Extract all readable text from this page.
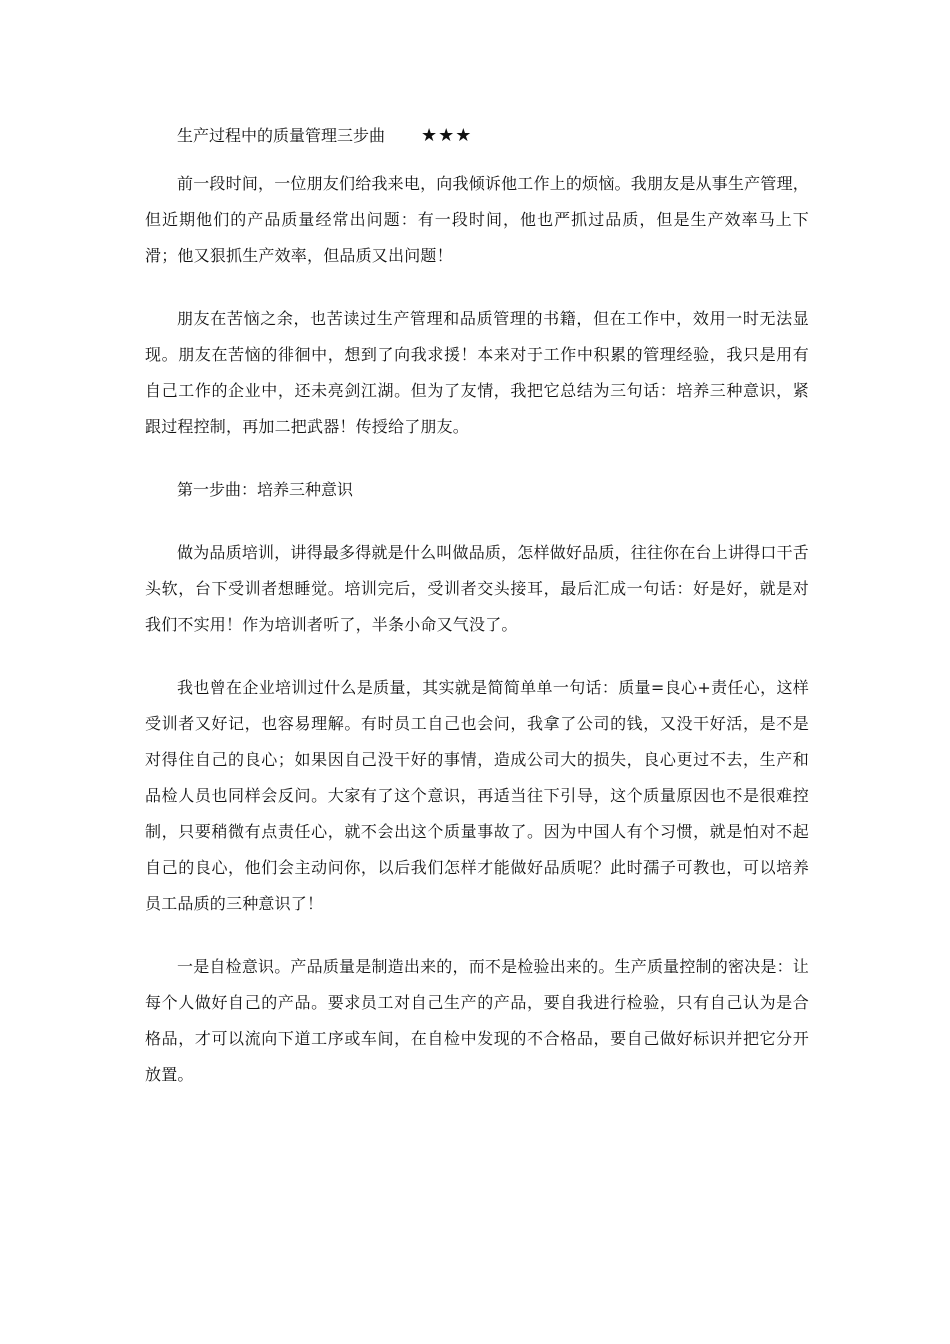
生产过程中的质量管理三步曲 ★★★

前一段时间，一位朋友们给我来电，向我倾诉他工作上的烦恼。我朋友是从事生产管理，但近期他们的产品质量经常出问题：有一段时间，他也严抓过品质，但是生产效率马上下滑；他又狠抓生产效率，但品质又出问题！

朋友在苦恼之余，也苦读过生产管理和品质管理的书籍，但在工作中，效用一时无法显现。朋友在苦恼的徘徊中，想到了向我求援！本来对于工作中积累的管理经验，我只是用有自己工作的企业中，还未亮剑江湖。但为了友情，我把它总结为三句话：培养三种意识，紧跟过程控制，再加二把武器！传授给了朋友。

第一步曲：培养三种意识

做为品质培训，讲得最多得就是什么叫做品质，怎样做好品质，往往你在台上讲得口干舌头软，台下受训者想睡觉。培训完后，受训者交头接耳，最后汇成一句话：好是好，就是对我们不实用！作为培训者听了，半条小命又气没了。

我也曾在企业培训过什么是质量，其实就是简简单单一句话：质量=良心+责任心，这样受训者又好记，也容易理解。有时员工自己也会问，我拿了公司的钱，又没干好活，是不是对得住自己的良心；如果因自己没干好的事情，造成公司大的损失，良心更过不去，生产和品检人员也同样会反问。大家有了这个意识，再适当往下引导，这个质量原因也不是很难控制，只要稍微有点责任心，就不会出这个质量事故了。因为中国人有个习惯，就是怕对不起自己的良心，他们会主动问你，以后我们怎样才能做好品质呢？此时孺子可教也，可以培养员工品质的三种意识了！

一是自检意识。产品质量是制造出来的，而不是检验出来的。生产质量控制的密决是：让每个人做好自己的产品。要求员工对自己生产的产品，要自我进行检验，只有自己认为是合格品，才可以流向下道工序或车间，在自检中发现的不合格品，要自己做好标识并把它分开放置。
